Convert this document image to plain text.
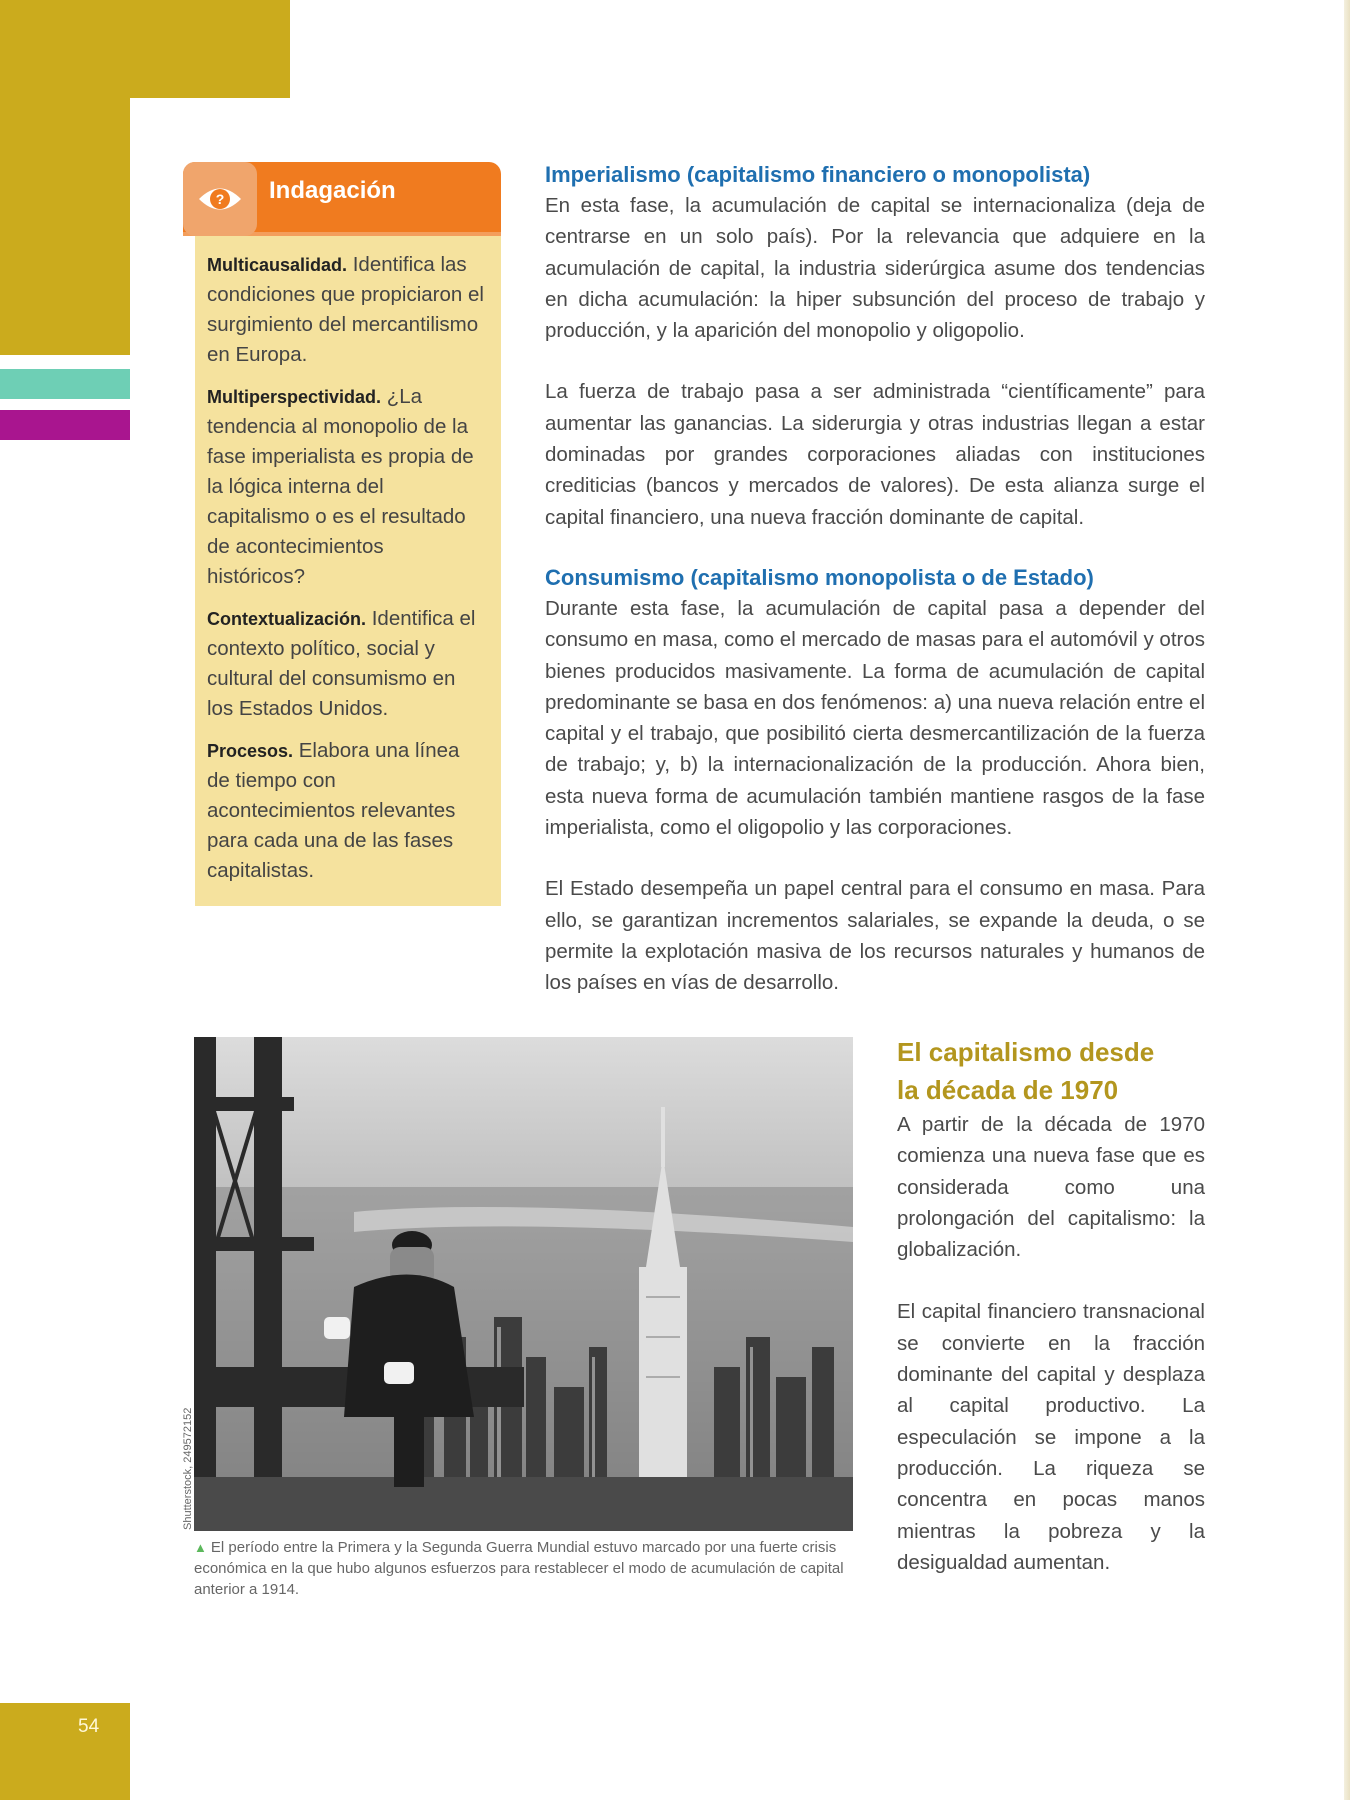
54
? Indagación

Multicausalidad. Identifica las condiciones que propiciaron el surgimiento del mercantilismo en Europa.

Multiperspectividad. ¿La tendencia al monopolio de la fase imperialista es propia de la lógica interna del capitalismo o es el resultado de acontecimientos históricos?

Contextualización. Identifica el contexto político, social y cultural del consumismo en los Estados Unidos.

Procesos. Elabora una línea de tiempo con acontecimientos relevantes para cada una de las fases capitalistas.

Imperialismo (capitalismo financiero o monopolista)

En esta fase, la acumulación de capital se internacionaliza (deja de centrarse en un solo país). Por la relevancia que adquiere en la acumulación de capital, la industria siderúrgica asume dos tendencias en dicha acumulación: la hiper subsunción del proceso de trabajo y producción, y la aparición del monopolio y oligopolio.

La fuerza de trabajo pasa a ser administrada “científicamente” para aumentar las ganancias. La siderurgia y otras industrias llegan a estar dominadas por grandes corporaciones aliadas con instituciones crediticias (bancos y mercados de valores). De esta alianza surge el capital financiero, una nueva fracción dominante de capital.

Consumismo (capitalismo monopolista o de Estado)

Durante esta fase, la acumulación de capital pasa a depender del consumo en masa, como el mercado de masas para el automóvil y otros bienes producidos masivamente. La forma de acumulación de capital predominante se basa en dos fenómenos: a) una nueva relación entre el capital y el trabajo, que posibilitó cierta desmercantilización de la fuerza de trabajo; y, b) la internacionalización de la producción. Ahora bien, esta nueva forma de acumulación también mantiene rasgos de la fase imperialista, como el oligopolio y las corporaciones.

El Estado desempeña un papel central para el consumo en masa. Para ello, se garantizan incrementos salariales, se expande la deuda, o se permite la explotación masiva de los recursos naturales y humanos de los países en vías de desarrollo.

Shutterstock, 249572152
▲ El período entre la Primera y la Segunda Guerra Mundial estuvo marcado por una fuerte crisis económica en la que hubo algunos esfuerzos para restablecer el modo de acumulación de capital anterior a 1914.
El capitalismo desde
la década de 1970

A partir de la década de 1970 comienza una nueva fase que es considerada como una prolongación del capitalismo: la globalización.

El capital financiero transnacional se convierte en la fracción dominante del capital y desplaza al capital productivo. La especulación se impone a la producción. La riqueza se concentra en pocas manos mientras la pobreza y la desigualdad aumentan.
